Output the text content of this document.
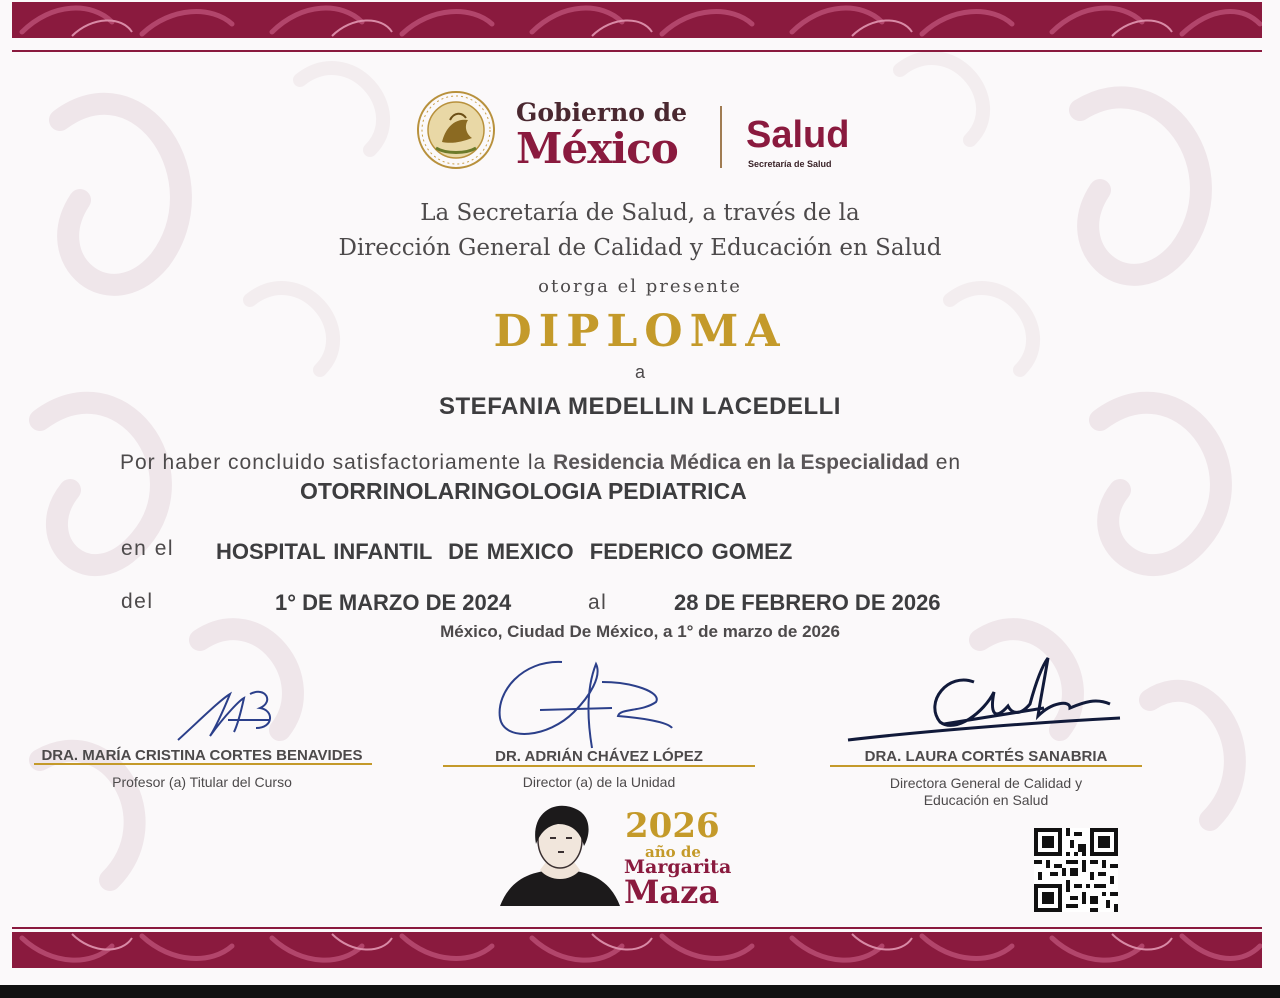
Gobierno de
México Salud
Secretaría de Salud
La Secretaría de Salud, a través de la
Dirección General de Calidad y Educación en Salud
otorga el presente
DIPLOMA
a
STEFANIA MEDELLIN LACEDELLI
Por haber concluido satisfactoriamente la Residencia Médica en la Especialidad en
OTORRINOLARINGOLOGIA PEDIATRICA
en el HOSPITAL INFANTIL  DE MEXICO  FEDERICO GOMEZ
del	1° DE MARZO DE 2024	al	28 DE FEBRERO DE 2026
México, Ciudad De México, a 1° de marzo de 2026
DRA. MARÍA CRISTINA CORTES BENAVIDES
Profesor (a) Titular del Curso
DR. ADRIÁN CHÁVEZ LÓPEZ
Director (a) de la Unidad
DRA. LAURA CORTÉS SANABRIA
Directora General de Calidad y
Educación en Salud
2026
año de
Margarita
Maza
